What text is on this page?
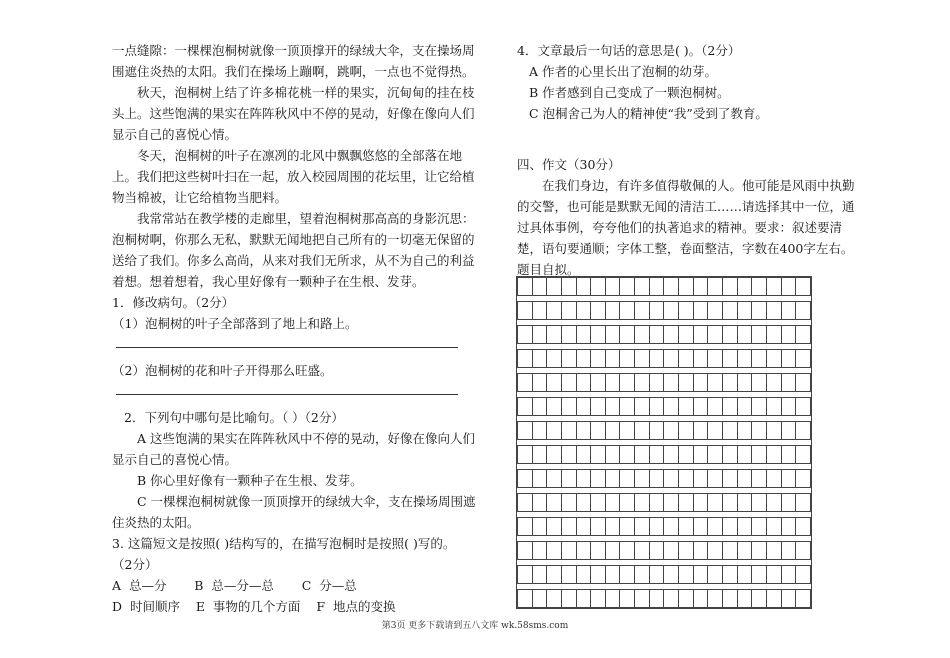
一点缝隙：一棵棵泡桐树就像一顶顶撑开的绿绒大伞，支在操场周围遮住炎热的太阳。我们在操场上蹦啊，跳啊，一点也不觉得热。

秋天，泡桐树上结了许多棉花桃一样的果实，沉甸甸的挂在枝头上。这些饱满的果实在阵阵秋风中不停的晃动，好像在像向人们显示自己的喜悦心情。

冬天，泡桐树的叶子在凛冽的北风中飘飘悠悠的全部落在地上。我们把这些树叶扫在一起，放入校园周围的花坛里，让它给植物当棉被，让它给植物当肥料。

我常常站在教学楼的走廊里，望着泡桐树那高高的身影沉思：泡桐树啊，你那么无私，默默无闻地把自己所有的一切毫无保留的送给了我们。你多么高尚，从来对我们无所求，从不为自己的利益着想。想着想着，我心里好像有一颗种子在生根、发芽。

1．修改病句。（2分）

（1）泡桐树的叶子全部落到了地上和路上。

（2）泡桐树的花和叶子开得那么旺盛。

2．下列句中哪句是比喻句。（ ）（2分）

A 这些饱满的果实在阵阵秋风中不停的晃动，好像在像向人们显示自己的喜悦心情。

B 你心里好像有一颗种子在生根、发芽。

C 一棵棵泡桐树就像一顶顶撑开的绿绒大伞，支在操场周围遮住炎热的太阳。

3. 这篇短文是按照( )结构写的，在描写泡桐时是按照( )写的。

（2分）

A  总—分       B  总—分—总       C  分—总

D  时间顺序    E  事物的几个方面    F  地点的变换

4．文章最后一句话的意思是( )。（2分）

A 作者的心里长出了泡桐的幼芽。

B 作者感到自己变成了一颗泡桐树。

C 泡桐舍己为人的精神使“我”受到了教育。

四、作文（30分）

在我们身边，有许多值得敬佩的人。他可能是风雨中执勤的交警，也可能是默默无闻的清洁工……请选择其中一位，通过具体事例，夸夸他们的执著追求的精神。要求：叙述要清楚，语句要通顺；字体工整，卷面整洁，字数在400字左右。题目自拟。

第3页 更多下载请到五八文库 wk.58sms.com
